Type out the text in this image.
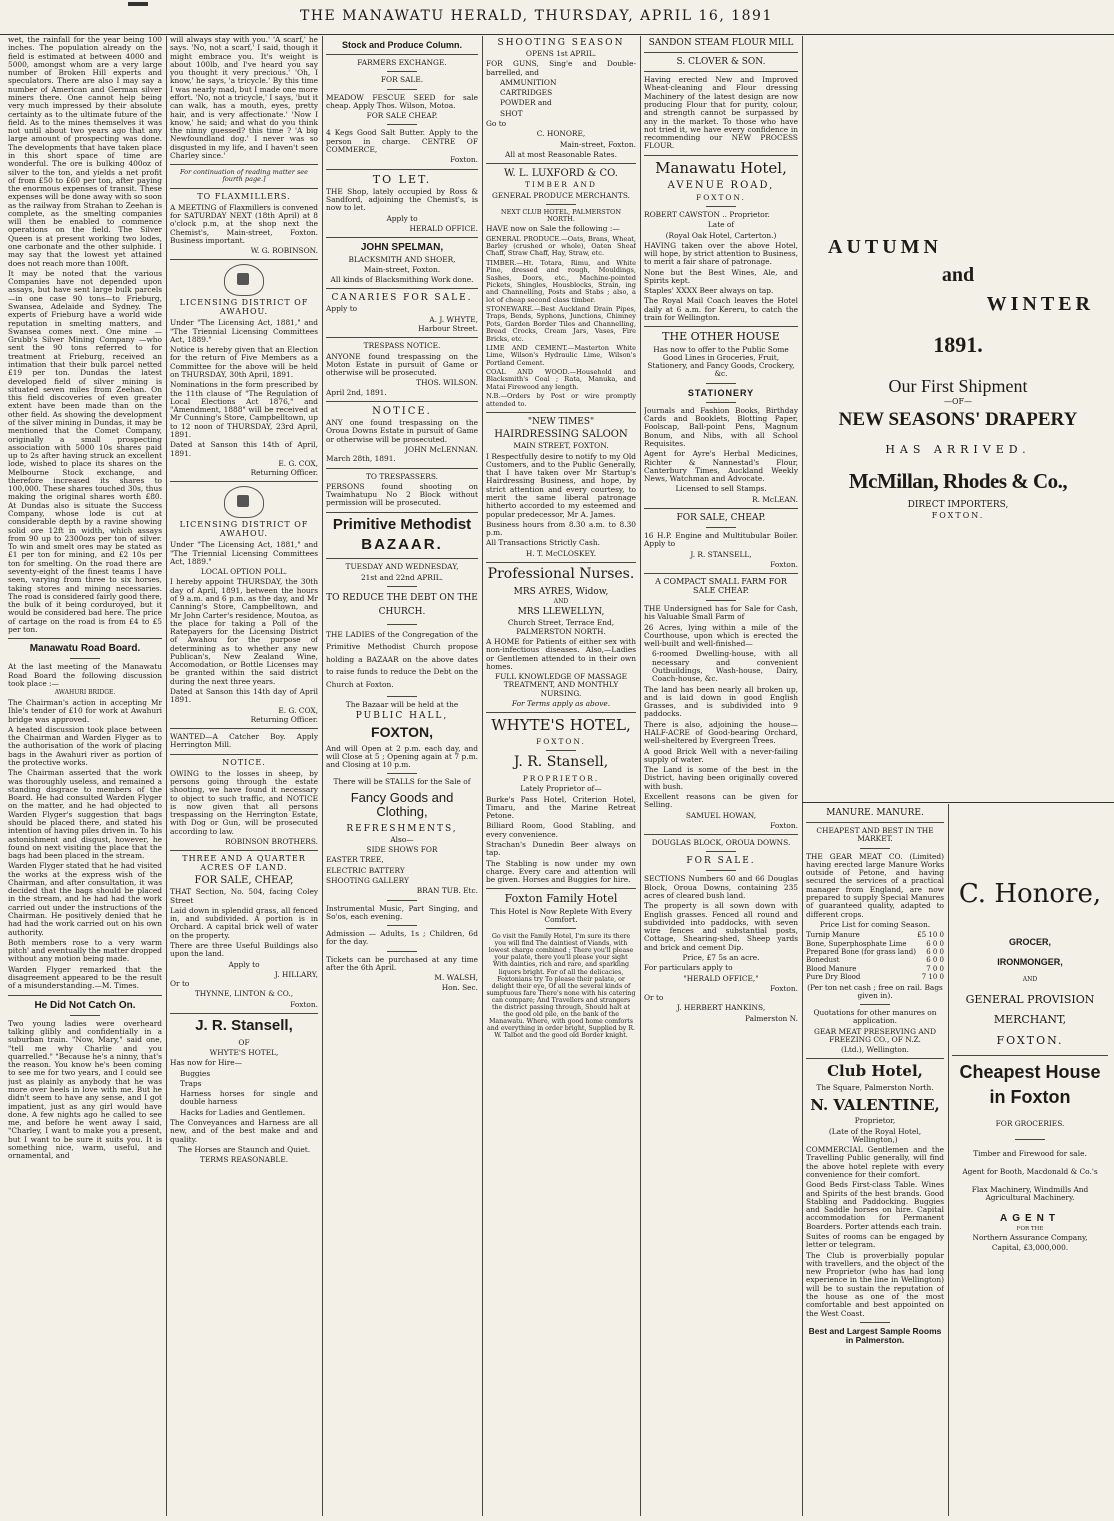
THE MANAWATU HERALD, THURSDAY, APRIL 16, 1891

wet, the rainfall for the year being 100 inches. The population already on the field is estimated at between 4000 and 5000, amongst whom are a very large number of Broken Hill experts and speculators. There are also I may say a number of American and German silver miners there. One cannot help being very much impressed by their absolute certainty as to the ultimate future of the field. As to the mines themselves it was not until about two years ago that any large amount of prospecting was done. The developments that have taken place in this short space of time are wonderful. The ore is bulking 400oz of silver to the ton, and yields a net profit of from £50 to £60 per ton, after paying the enormous expenses of transit. These expenses will be done away with so soon as the railway from Strahan to Zeehan is complete, as the smelting companies will then be enabled to commence operations on the field. The Silver Queen is at present working two lodes, one carbonate and the other sulphide. I may say that the lowest yet attained does not reach more than 100ft.

It may be noted that the various Companies have not depended upon assays, but have sent large bulk parcels—in one case 90 tons—to Frieburg, Swansea, Adelaide and Sydney. The experts of Frieburg have a world wide reputation in smelting matters, and Swansea comes next. One mine —Grubb's Silver Mining Company —who sent the 90 tons referred to for treatment at Frieburg, received an intimation that their bulk parcel netted £19 per ton. Dundas the latest developed field of silver mining is situated seven miles from Zeehan. On this field discoveries of even greater extent have been made than on the other field. As showing the development of the silver mining in Dundas, it may be mentioned that the Comet Company, originally a small prospecting association with 5000 10s shares paid up to 2s after having struck an excellent lode, wished to place its shares on the Melbourne Stock exchange, and therefore increased its shares to 100,000. These shares touched 30s, thus making the original shares worth £80. At Dundas also is situate the Success Company, whose lode is cut at considerable depth by a ravine showing solid ore 12ft in width, which assays from 90 up to 2300ozs per ton of silver. To win and smelt ores may be stated as £1 per ton for mining, and £2 10s per ton for smelting. On the road there are seventy-eight of the finest teams I have seen, varying from three to six horses, taking stores and mining necessaries. The road is considered fairly good there, the bulk of it being corduroyed, but it would be considered bad here. The price of cartage on the road is from £4 to £5 per ton.

Manawatu Road Board.

At the last meeting of the Manawatu Road Board the following discussion took place :—

AWAHURI BRIDGE.

The Chairman's action in accepting Mr Ihle's tender of £10 for work at Awahuri bridge was approved.

A heated discussion took place between the Chairman and Warden Flyger as to the authorisation of the work of placing bags in the Awahuri river as portion of the protective works.

The Chairman asserted that the work was thoroughly useless, and remained a standing disgrace to members of the Board. He had consulted Warden Flyger on the matter, and he had objected to Warden Flyger's suggestion that bags should be placed there, and stated his intention of having piles driven in. To his astonishment and disgust, however, he found on next visiting the place that the bags had been placed in the stream.

Warden Flyger stated that he had visited the works at the express wish of the Chairman, and after consultation, it was decided that the bags should be placed in the stream, and he had had the work carried out under the instructions of the Chairman. He positively denied that he had had the work carried out on his own authority.

Both members rose to a very warm pitch' and eventually the matter dropped without any motion being made.

Warden Flyger remarked that the disagreement appeared to be the result of a misunderstanding.—M. Times.

He Did Not Catch On.

Two young ladies were overheard talking glibly and confidentially in a suburban train. "Now, Mary," said one, "tell me why Charlie and you quarrelled." "Because he's a ninny, that's the reason. You know he's been coming to see me for two years, and I could see just as plainly as anybody that he was more over heels in love with me. But he didn't seem to have any sense, and I got impatient, just as any girl would have done. A few nights ago he called to see me, and before he went away I said, "Charley, I want to make you a present, but I want to be sure it suits you. It is something nice, warm, useful, and ornamental, and

will always stay with you.' 'A scarf,' he says. 'No, not a scarf,' I said, though it might embrace you. It's weight is about 100lb, and I've heard you say you thought it very precious.' 'Oh, I know,' he says, 'a tricycle.' By this time I was nearly mad, but I made one more effort. 'No, not a tricycle,' I says, 'but it can walk, has a mouth, eyes, pretty hair, and is very affectionate.' 'Now I know,' he said; and what do you think the ninny guessed? this time ? 'A big Newfoundland dog.' I never was so disgusted in my life, and I haven't seen Charley since.'

For continuation of reading matter see fourth page.]

TO FLAXMILLERS.

A MEETING of Flaxmillers is convened for SATURDAY NEXT (18th April) at 8 o'clock p.m, at the shop next the Chemist's, Main-street, Foxton. Business important.

W. G. ROBINSON.

LICENSING DISTRICT OF AWAHOU.

Under "The Licensing Act, 1881," and "The Triennial Licensing Committees Act, 1889."

Notice is hereby given that an Election for the return of Five Members as a Committee for the above will be held on THURSDAY, 30th April, 1891.

Nominations in the form prescribed by the 11th clause of "The Regulation of Local Elections Act 1876," and "Amendment, 1888" will be received at Mr Cunning's Store, Campbelltown, up to 12 noon of THURSDAY, 23rd April, 1891.

Dated at Sanson this 14th of April, 1891.

E. G. COX,

Returning Officer.

LICENSING DISTRICT OF AWAHOU.

Under "The Licensing Act, 1881," and "The Triennial Licensing Committees Act, 1889."

LOCAL OPTION POLL.

I hereby appoint THURSDAY, the 30th day of April, 1891, between the hours of 9 a.m. and 6 p.m. as the day, and Mr Canning's Store, Campbelltown, and Mr John Carter's residence, Moutoa, as the place for taking a Poll of the Ratepayers for the Licensing District of Awahou for the purpose of determining as to whether any new Publican's, New Zealand Wine, Accomodation, or Bottle Licenses may be granted within the said district during the next three years.

Dated at Sanson this 14th day of April 1891.

E. G. COX,

Returning Officer.

WANTED—A Catcher Boy. Apply Herrington Mill.

NOTICE.

OWING to the losses in sheep, by persons going through the estate shooting, we have found it necessary to object to such traffic, and NOTICE is now given that all persons trespassing on the Herrington Estate, with Dog or Gun, will be prosecuted according to law.

ROBINSON BROTHERS.

THREE AND A QUARTER ACRES OF LAND.
FOR SALE, CHEAP,

THAT Section, No. 504, facing Coley Street

Laid down in splendid grass, all fenced in, and subdivided. A portion is in Orchard. A capital brick well of water on the property.

There are three Useful Buildings also upon the land.

Apply to

J. HILLARY,

Or to

THYNNE, LINTON & CO.,

Foxton.

J. R. Stansell,

OF

WHYTE'S HOTEL,

Has now for Hire—

Buggies

Traps

Harness horses for single and double harness

Hacks for Ladies and Gentlemen.

The Conveyances and Harness are all new, and of the best make and and quality.

The Horses are Staunch and Quiet.

TERMS REASONABLE.

Stock and Produce Column.

FARMERS EXCHANGE.

FOR SALE.

MEADOW FESCUE SEED for sale cheap. Apply Thos. Wilson, Motoa.

FOR SALE CHEAP.

4 Kegs Good Salt Butter. Apply to the person in charge. CENTRE OF COMMERCE,

Foxton.

TO LET.

THE Shop, lately occupied by Ross & Sandford, adjoining the Chemist's, is now to let.

Apply to

HERALD OFFICE.

JOHN SPELMAN,

BLACKSMITH AND SHOER,

Main-street, Foxton.

All kinds of Blacksmithing Work done.

CANARIES FOR SALE.

Apply to

A. J. WHYTE,

Harbour Street.

TRESPASS NOTICE.

ANYONE found trespassing on the Moton Estate in pursuit of Game or otherwise will be prosecuted.

THOS. WILSON.

April 2nd, 1891.

NOTICE.

ANY one found trespassing on the Oroua Downs Estate in pursuit of Game or otherwise will be prosecuted.

JOHN McLENNAN.

March 28th, 1891.

TO TRESPASSERS.

PERSONS found shooting on Twaimhatupu No 2 Block without permission will be prosecuted.

Primitive Methodist
BAZAAR.

TUESDAY AND WEDNESDAY,

21st and 22nd APRIL.

TO REDUCE THE DEBT ON THE CHURCH.

THE LADIES of the Congregation of the Primitive Methodist Church propose holding a BAZAAR on the above dates to raise funds to reduce the Debt on the Church at Foxton.

The Bazaar will be held at the

PUBLIC HALL,

FOXTON,

And will Open at 2 p.m. each day, and will Close at 5 ; Opening again at 7 p.m. and Closing at 10 p.m.

There will be STALLS for the Sale of

Fancy Goods and Clothing,

REFRESHMENTS,

Also—

SIDE SHOWS FOR

EASTER TREE,

ELECTRIC BATTERY

SHOOTING GALLERY

BRAN TUB. Etc.

Instrumental Music, Part Singing, and So'os, each evening.

Admission — Adults, 1s ; Children, 6d for the day.

Tickets can be purchased at any time after the 6th April.

M. WALSH,

Hon. Sec.

SHOOTING SEASON

OPENS 1st APRIL.

FOR GUNS, Sing'e and Double-barrelled, and

AMMUNITION

CARTRIDGES

POWDER and

SHOT

Go to

C. HONORE,

Main-street, Foxton.

All at most Reasonable Rates.

W. L. LUXFORD & CO.

TIMBER AND

GENERAL PRODUCE MERCHANTS.

NEXT CLUB HOTEL, PALMERSTON NORTH.

HAVE now on Sale the following :—

GENERAL PRODUCE.—Oats, Brans, Wheat, Barley (crushed or whole), Oaten Sheaf Chaff, Straw Chaff, Hay, Straw, etc.

TIMBER.—Ht. Totara, Rimu, and White Pine, dressed and rough, Mouldings, Sashes, Doors, etc., Machine-pointed Pickets, Shingles, Housblocks, Strain, ing and Channelling, Posts and Stabs ; also, a lot of cheap second class timber.

STONEWARE.—Best Auckland Drain Pipes, Traps, Bends, Syphons, Junctions, Chimney Pots, Garden Border Tiles and Channelling, Bread Crocks, Cream Jars, Vases, Fire Bricks, etc.

LIME AND CEMENT.—Masterton White Lime, Wilson's Hydraulic Lime, Wilson's Portland Cement.

COAL AND WOOD.—Household and Blacksmith's Coal ; Rata, Manuka, and Matai Firewood any length.

N.B.—Orders by Post or wire promptly attended to.

"NEW TIMES"
HAIRDRESSING SALOON

MAIN STREET, FOXTON.

I Respectfully desire to notify to my Old Customers, and to the Public Generally, that I have taken over Mr Startup's Hairdressing Business, and hope, by strict attention and every courtesy, to merit the same liberal patronage hitherto accorded to my esteemed and popular predecessor, Mr A. James.

Business hours from 8.30 a.m. to 8.30 p.m.

All Transactions Strictly Cash.

H. T. McCLOSKEY.

Professional Nurses.

MRS AYRES, Widow,

AND

MRS LLEWELLYN,

Church Street, Terrace End, PALMERSTON NORTH.

A HOME for Patients of either sex with non-infectious diseases. Also,—Ladies or Gentlemen attended to in their own homes.

FULL KNOWLEDGE OF MASSAGE TREATMENT, AND MONTHLY NURSING.

For Terms apply as above.

WHYTE'S HOTEL,

FOXTON.

J. R. Stansell,

PROPRIETOR.

Lately Proprietor of—

Burke's Pass Hotel, Criterion Hotel, Timaru, and the Marine Retreat Petone.

Billiard Room, Good Stabling, and every convenience.

Strachan's Dunedin Beer always on tap.

The Stabling is now under my own charge. Every care and attention will be given. Horses and Buggies for hire.

Foxton Family Hotel

This Hotel is Now Replete With Every Comfort.

Go visit the Family Hotel, I'm sure its there you will find The daintiest of Viands, with lowest charge combined ; There you'll please your palate, there you'll please your sight With dainties, rich and rare, and sparkling liquors bright. For of all the delicacies, Foxtonians try To please their palate, or delight their eye, Of all the several kinds of sumptuous fare There's none with his catering can compare; And Travellers and strangers the district passing through, Should halt at the good old pile, on the bank of the Manawatu. Where, with good home comforts and everything in order bright, Supplied by R. W. Talbot and the good old Border knight.

SANDON STEAM FLOUR MILL

S. CLOVER & SON.

Having erected New and Improved Wheat-cleaning and Flour dressing Machinery of the latest design are now producing Flour that for purity, colour, and strength cannot be surpassed by any in the market. To those who have not tried it, we have every confidence in recommending our NEW PROCESS FLOUR.

Manawatu Hotel,

AVENUE ROAD,

FOXTON.

ROBERT CAWSTON .. Proprietor.

Late of

(Royal Oak Hotel, Carterton.)

HAVING taken over the above Hotel, will hope, by strict attention to Business, to merit a fair share of patronage.

None but the Best Wines, Ale, and Spirits kept.

Staples' XXXX Beer always on tap.

The Royal Mail Coach leaves the Hotel daily at 6 a.m. for Kereru, to catch the train for Wellington.

THE OTHER HOUSE

Has now to offer to the Public Some Good Lines in Groceries, Fruit, Stationery, and Fancy Goods, Crockery, &c.

STATIONERY

Journals and Fashion Books, Birthday Cards and Booklets, Blotting Paper, Foolscap, Ball-point Pens, Magnum Bonum, and Nibs, with all School Requisites.

Agent for Ayre's Herbal Medicines, Richter & Nannestad's Flour, Canterbury Times, Auckland Weekly News, Watchman and Advocate.

Licensed to sell Stamps.

R. McLEAN.

FOR SALE, CHEAP.

16 H.P. Engine and Multitubular Boiler. Apply to

J. R. STANSELL,

Foxton.

A COMPACT SMALL FARM FOR SALE CHEAP.

THE Undersigned has for Sale for Cash, his Valuable Small Farm of

26 Acres, lying within a mile of the Courthouse, upon which is erected the well-built and well-finished—

6-roomed Dwelling-house, with all necessary and convenient Outbuildings, Wash-house, Dairy, Coach-house, &c.

The land has been nearly all broken up, and is laid down in good English Grasses, and is subdivided into 9 paddocks.

There is also, adjoining the house—HALF-ACRE of Good-bearing Orchard, well-sheltered by Evergreen Trees.

A good Brick Well with a never-failing supply of water.

The Land is some of the best in the District, having been originally covered with bush.

Excellent reasons can be given for Selling.

SAMUEL HOWAN,

Foxton.

DOUGLAS BLOCK, OROUA DOWNS.

FOR SALE.

SECTIONS Numbers 60 and 66 Douglas Block, Oroua Downs, containing 235 acres of cleared bush land.

The property is all sown down with English grasses. Fenced all round and subdivided into paddocks, with seven wire fences and substantial posts, Cottage, Shearing-shed, Sheep yards and brick and cement Dip.

Price, £7 5s an acre.

For particulars apply to

"HERALD OFFICE,"

Foxton.

Or to

J. HERBERT HANKINS,

Palmerston N.

AUTUMN
and
WINTER
1891.
Our First Shipment
—OF—
NEW SEASONS' DRAPERY
HAS ARRIVED.
McMillan, Rhodes & Co.,
DIRECT IMPORTERS,
FOXTON.
MANURE. MANURE.

CHEAPEST AND BEST IN THE MARKET.

THE GEAR MEAT CO. (Limited) having erected large Manure Works outside of Petone, and having secured the services of a practical manager from England, are now prepared to supply Special Manures of guaranteed quality, adapted to different crops.

Price List for coming Season.

Turnip Manure	£5 10 0
Bone, Superphosphate Lime	6 0 0
Prepared Bone (for grass land) 6 0 0
Bonedust	6 0 0
Blood Manure	7 0 0
Pure Dry Blood	7 10 0

(Per ton net cash ; free on rail. Bags given in).

Quotations for other manures on application.

GEAR MEAT PRESERVING AND FREEZING CO., OF N.Z.

(Ltd.), Wellington.

Club Hotel,

The Square, Palmerston North.

N. VALENTINE,

Proprietor,

(Late of the Royal Hotel, Wellington,)

COMMERCIAL Gentlemen and the Travelling Public generally, will find the above hotel replete with every convenience for their comfort.

Good Beds First-class Table. Wines and Spirits of the best brands. Good Stabling and Paddocking. Buggies and Saddle horses on hire. Capital accommodation for Permanent Boarders. Porter attends each train.

Suites of rooms can be engaged by letter or telegram.

The Club is proverbially popular with travellers, and the object of the new Proprietor (who has had long experience in the line in Wellington) will be to sustain the reputation of the house as one of the most comfortable and best appointed on the West Coast.

Best and Largest Sample Rooms in Palmerston.

C. Honore,
GROCER,
IRONMONGER,

AND

GENERAL PROVISION
MERCHANT,
FOXTON.
Cheapest House in Foxton

FOR GROCERIES.

Timber and Firewood for sale.

Agent for Booth, Macdonald & Co.'s

Flax Machinery, Windmills And Agricultural Machinery.

AGENT

FOR THE

Northern Assurance Company,

Capital, £3,000,000.
